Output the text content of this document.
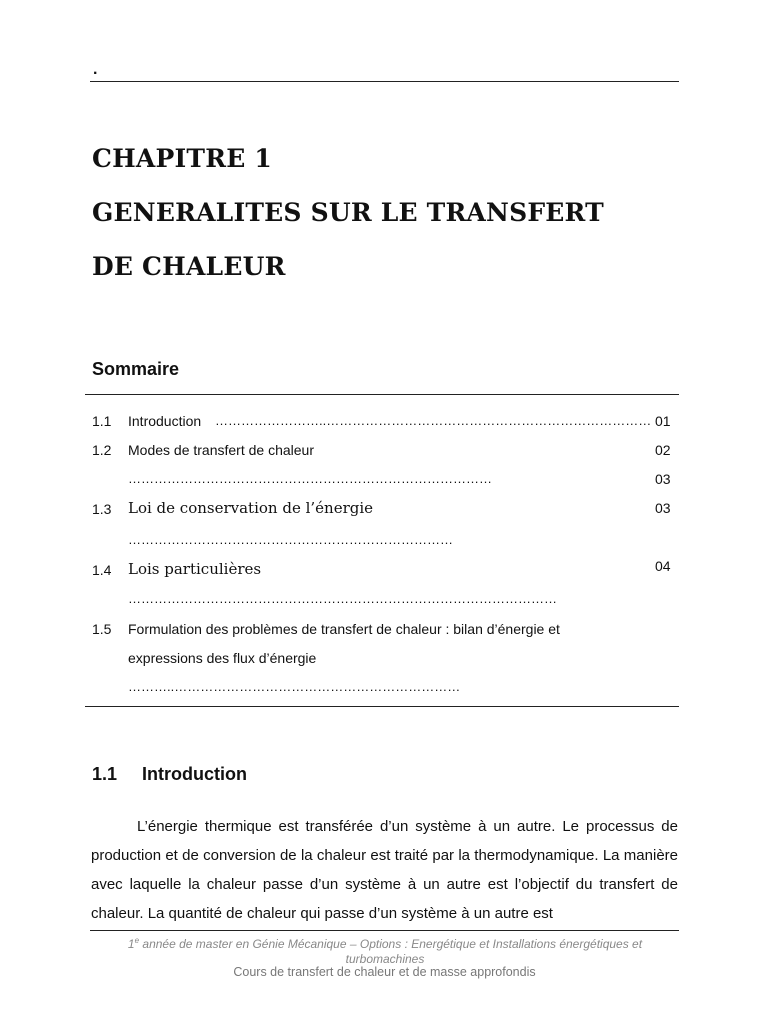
.
CHAPITRE 1
GENERALITES SUR LE TRANSFERT
DE CHALEUR
Sommaire
1.1 Introduction ……………………..………………………………………………………………… 01
1.2 Modes de transfert de chaleur	02
…………………………………………………………………………	03
1.3 Loi de conservation de l’énergie	03
…………………………………………………………………
1.4 Lois particulières	04
………………………………………………………………………………………
1.5 Formulation des problèmes de transfert de chaleur : bilan d’énergie et
expressions des flux d’énergie
………..…………………………………………………………
1.1 Introduction

L’énergie thermique est transférée d’un système à un autre. Le processus de production et de conversion de la chaleur est traité par la thermodynamique. La manière avec laquelle la chaleur passe d’un système à un autre est l’objectif du transfert de chaleur. La quantité de chaleur qui passe d’un système à un autre est

1e année de master en Génie Mécanique – Options : Energétique et Installations énergétiques et turbomachines
Cours de transfert de chaleur et de masse approfondis
